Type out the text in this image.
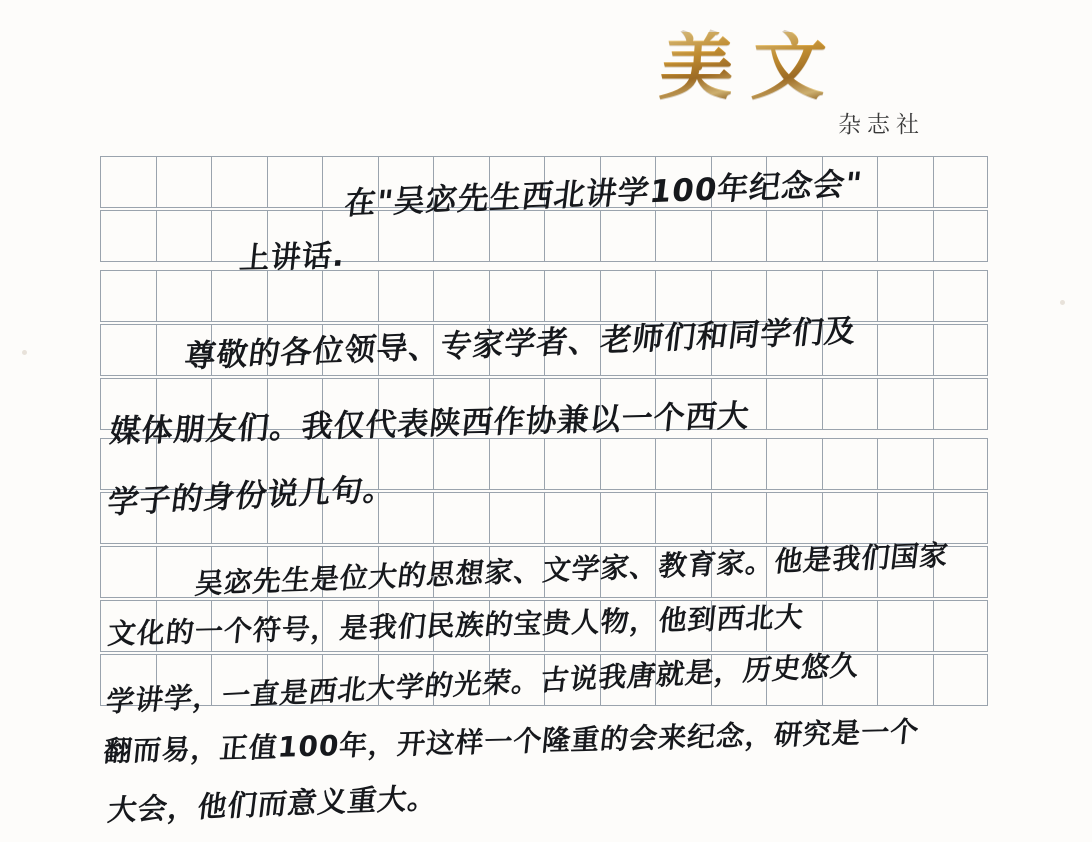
美 文
杂志社
在"吴宓先生西北讲学100年纪念会"
上讲话.
尊敬的各位领导、专家学者、老师们和同学们及
媒体朋友们。我仅代表陕西作协兼以一个西大
学子的身份说几句。
吴宓先生是位大的思想家、文学家、教育家。他是我们国家
文化的一个符号，是我们民族的宝贵人物，他到西北大
学讲学，一直是西北大学的光荣。古说我唐就是，历史悠久
翻而易，正值100年，开这样一个隆重的会来纪念，研究是一个
大会，他们而意义重大。
